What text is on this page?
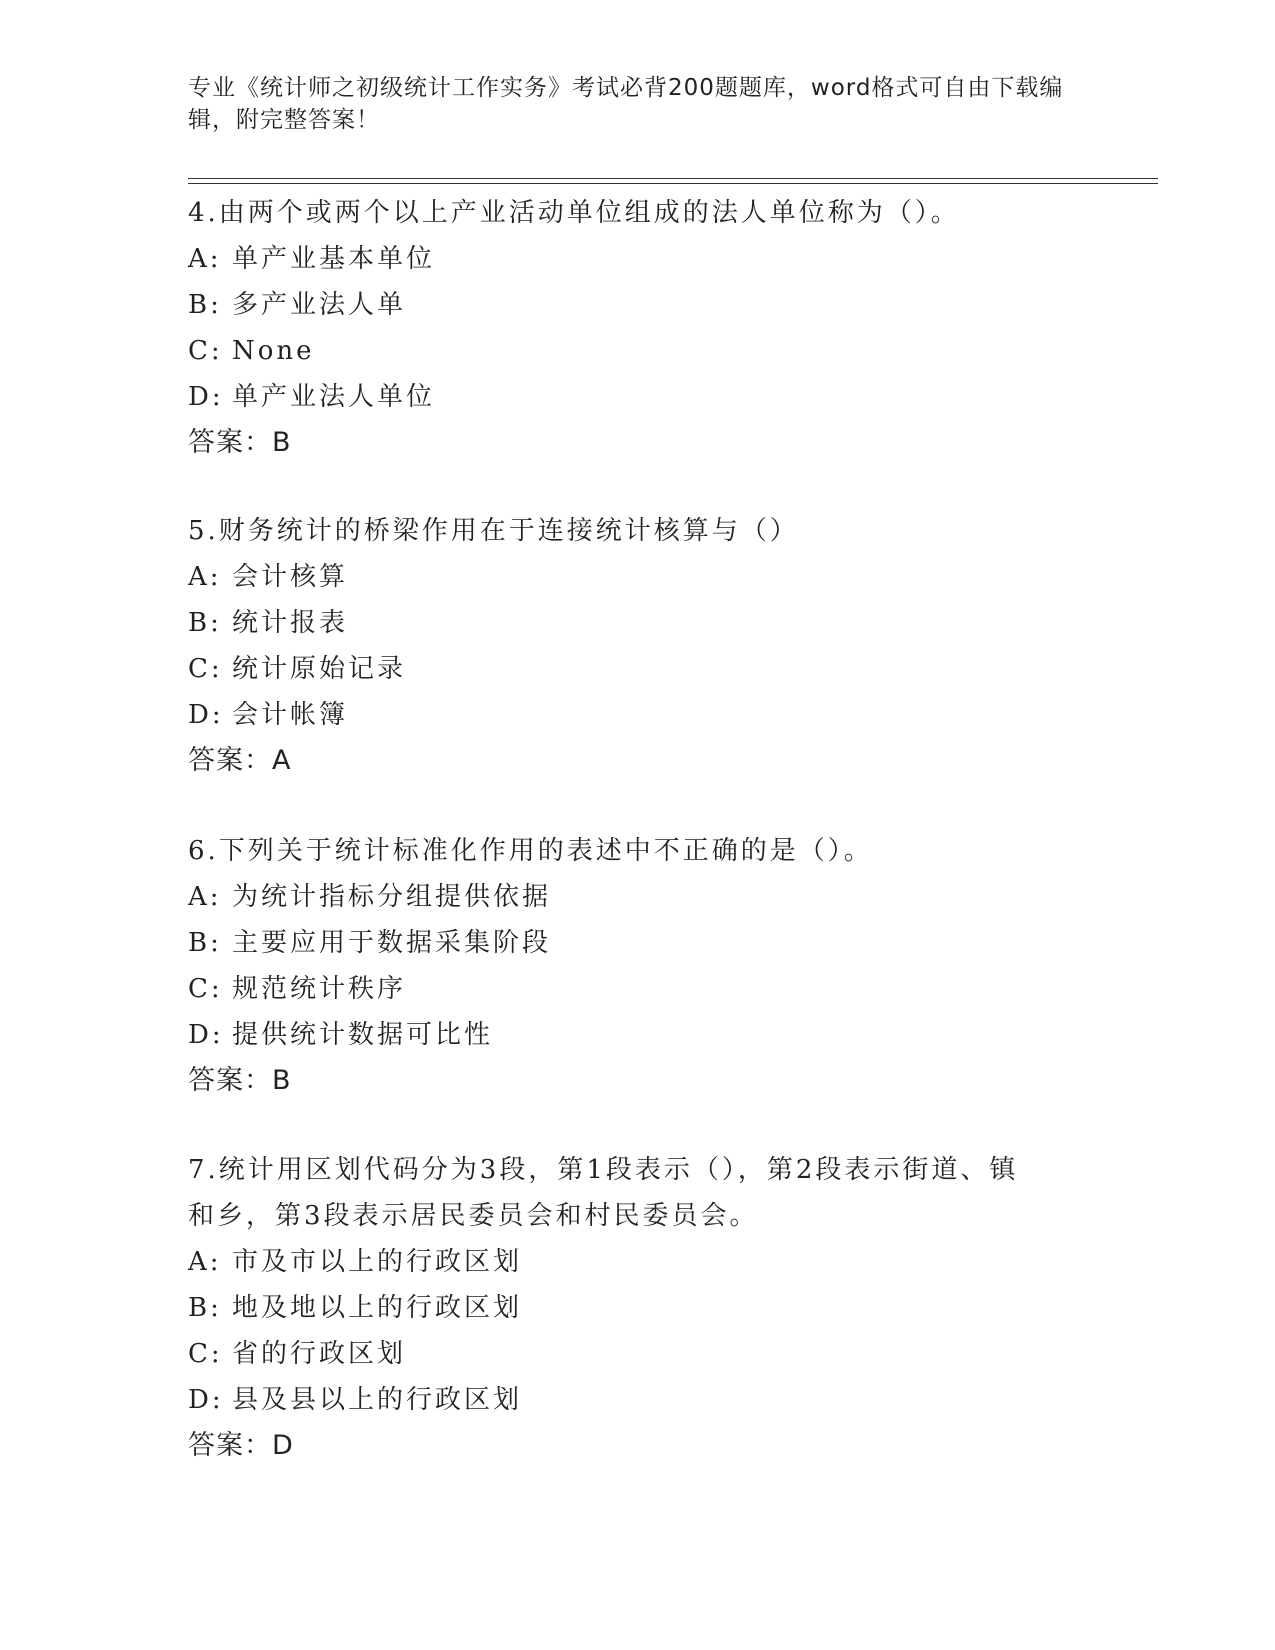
专业《统计师之初级统计工作实务》考试必背200题题库，word格式可自由下载编辑，附完整答案！
4.由两个或两个以上产业活动单位组成的法人单位称为（）。
A: 单产业基本单位
B: 多产业法人单
C: None
D: 单产业法人单位
答案：B
5.财务统计的桥梁作用在于连接统计核算与（）
A: 会计核算
B: 统计报表
C: 统计原始记录
D: 会计帐簿
答案：A
6.下列关于统计标准化作用的表述中不正确的是（）。
A: 为统计指标分组提供依据
B: 主要应用于数据采集阶段
C: 规范统计秩序
D: 提供统计数据可比性
答案：B
7.统计用区划代码分为3段，第1段表示（），第2段表示街道、镇
和乡，第3段表示居民委员会和村民委员会。
A: 市及市以上的行政区划
B: 地及地以上的行政区划
C: 省的行政区划
D: 县及县以上的行政区划
答案：D
